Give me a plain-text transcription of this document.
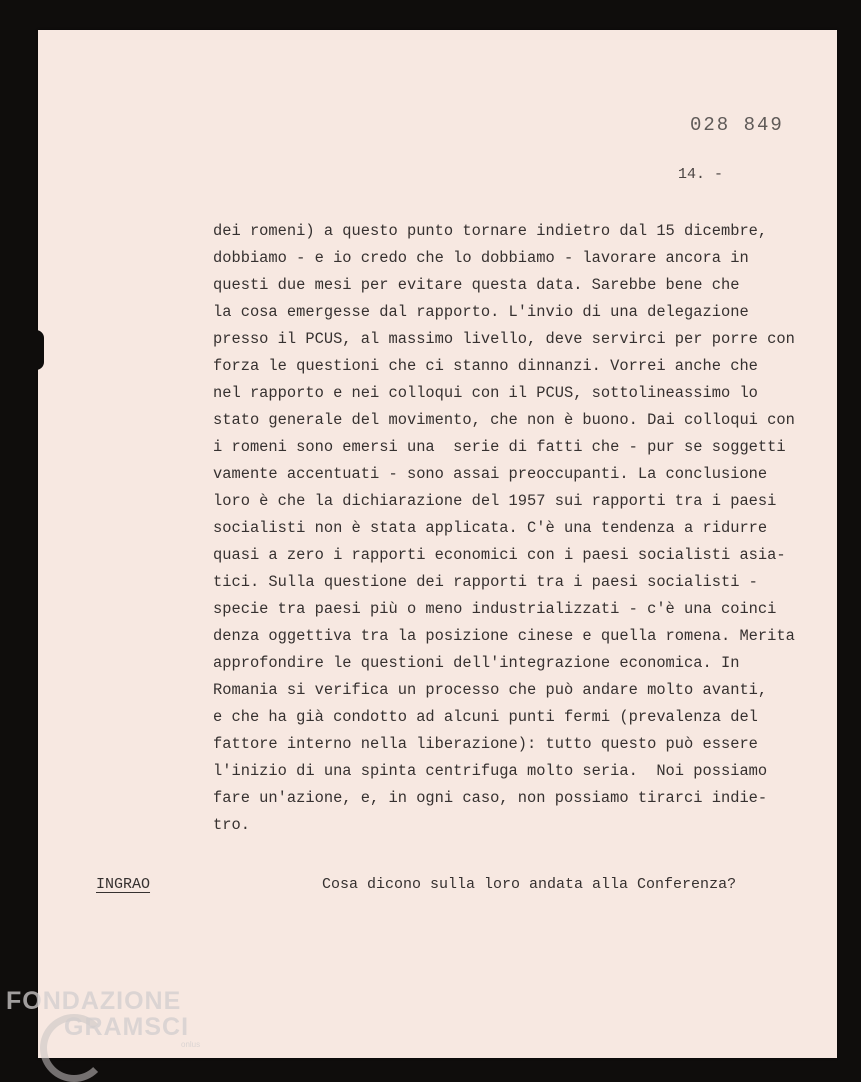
028 849
14. -
dei romeni) a questo punto tornare indietro dal 15 dicembre,
dobbiamo - e io credo che lo dobbiamo - lavorare ancora in
questi due mesi per evitare questa data. Sarebbe bene che
la cosa emergesse dal rapporto. L'invio di una delegazione
presso il PCUS, al massimo livello, deve servirci per porre con
forza le questioni che ci stanno dinnanzi. Vorrei anche che
nel rapporto e nei colloqui con il PCUS, sottolineassimo lo
stato generale del movimento, che non è buono. Dai colloqui con
i romeni sono emersi una  serie di fatti che - pur se soggetti
vamente accentuati - sono assai preoccupanti. La conclusione
loro è che la dichiarazione del 1957 sui rapporti tra i paesi
socialisti non è stata applicata. C'è una tendenza a ridurre
quasi a zero i rapporti economici con i paesi socialisti asia-
tici. Sulla questione dei rapporti tra i paesi socialisti -
specie tra paesi più o meno industrializzati - c'è una coinci
denza oggettiva tra la posizione cinese e quella romena. Merita
approfondire le questioni dell'integrazione economica. In
Romania si verifica un processo che può andare molto avanti,
e che ha già condotto ad alcuni punti fermi (prevalenza del
fattore interno nella liberazione): tutto questo può essere
l'inizio di una spinta centrifuga molto seria.  Noi possiamo
fare un'azione, e, in ogni caso, non possiamo tirarci indie-
tro.
INGRAO	Cosa dicono sulla loro andata alla Conferenza?
FONDAZIONE
GRAMSCI
onlus
